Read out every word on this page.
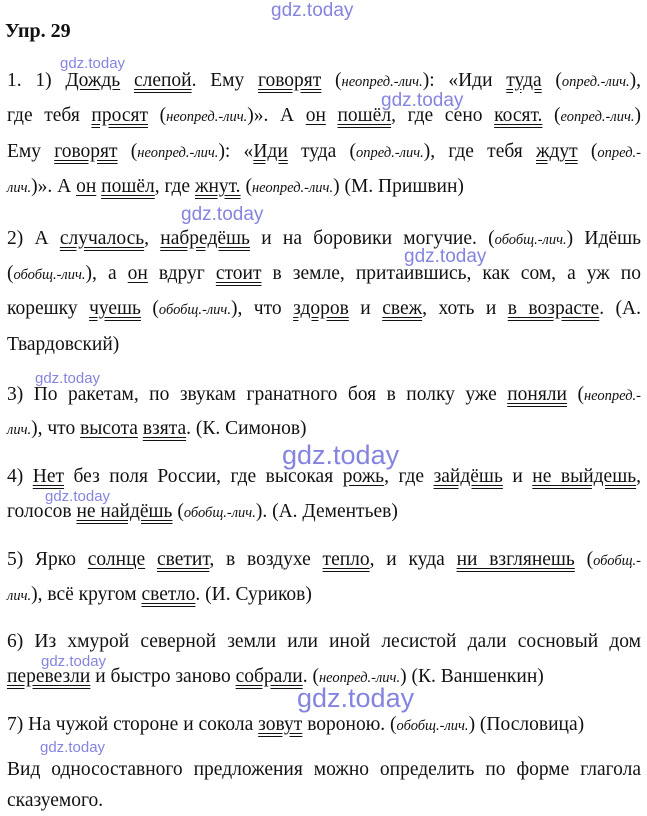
gdz.today
gdz.today
gdz.today
gdz.today
gdz.today
gdz.today
gdz.today
gdz.today
gdz.today
gdz.today
gdz.today
Упр. 29
1. 1) Дождь слепой. Ему говорят (неопред.-лич.): «Иди туда (опред.-лич.),
где тебя просят (неопред.-лич.)». А он пошёл, где сено косят. (еопред.-лич.)
Ему говорят (неопред.-лич.): «Иди туда (опред.-лич.), где тебя ждут (опред.-
лич.)». А он пошёл, где жнут. (неопред.-лич.) (М. Пришвин)
2) А случалось, набредёшь и на боровики могучие. (обобщ.-лич.) Идёшь
(обобщ.-лич.), а он вдруг стоит в земле, притаившись, как сом, а уж по
корешку чуешь (обобщ.-лич.), что здоров и свеж, хоть и в возрасте. (А.
Твардовский)
3) По ракетам, по звукам гранатного боя в полку уже поняли (неопред.-
лич.), что высота взята. (К. Симонов)
4) Нет без поля России, где высокая рожь, где зайдёшь и не выйдешь,
голосов не найдёшь (обобщ.-лич.). (А. Дементьев)
5) Ярко солнце светит, в воздухе тепло, и куда ни взглянешь (обобщ.-
лич.), всё кругом светло. (И. Суриков)
6) Из хмурой северной земли или иной лесистой дали сосновый дом
перевезли и быстро заново собрали. (неопред.-лич.) (К. Ваншенкин)
7) На чужой стороне и сокола зовут вороною. (обобщ.-лич.) (Пословица)
Вид односоставного предложения можно определить по форме глагола
сказуемого.
